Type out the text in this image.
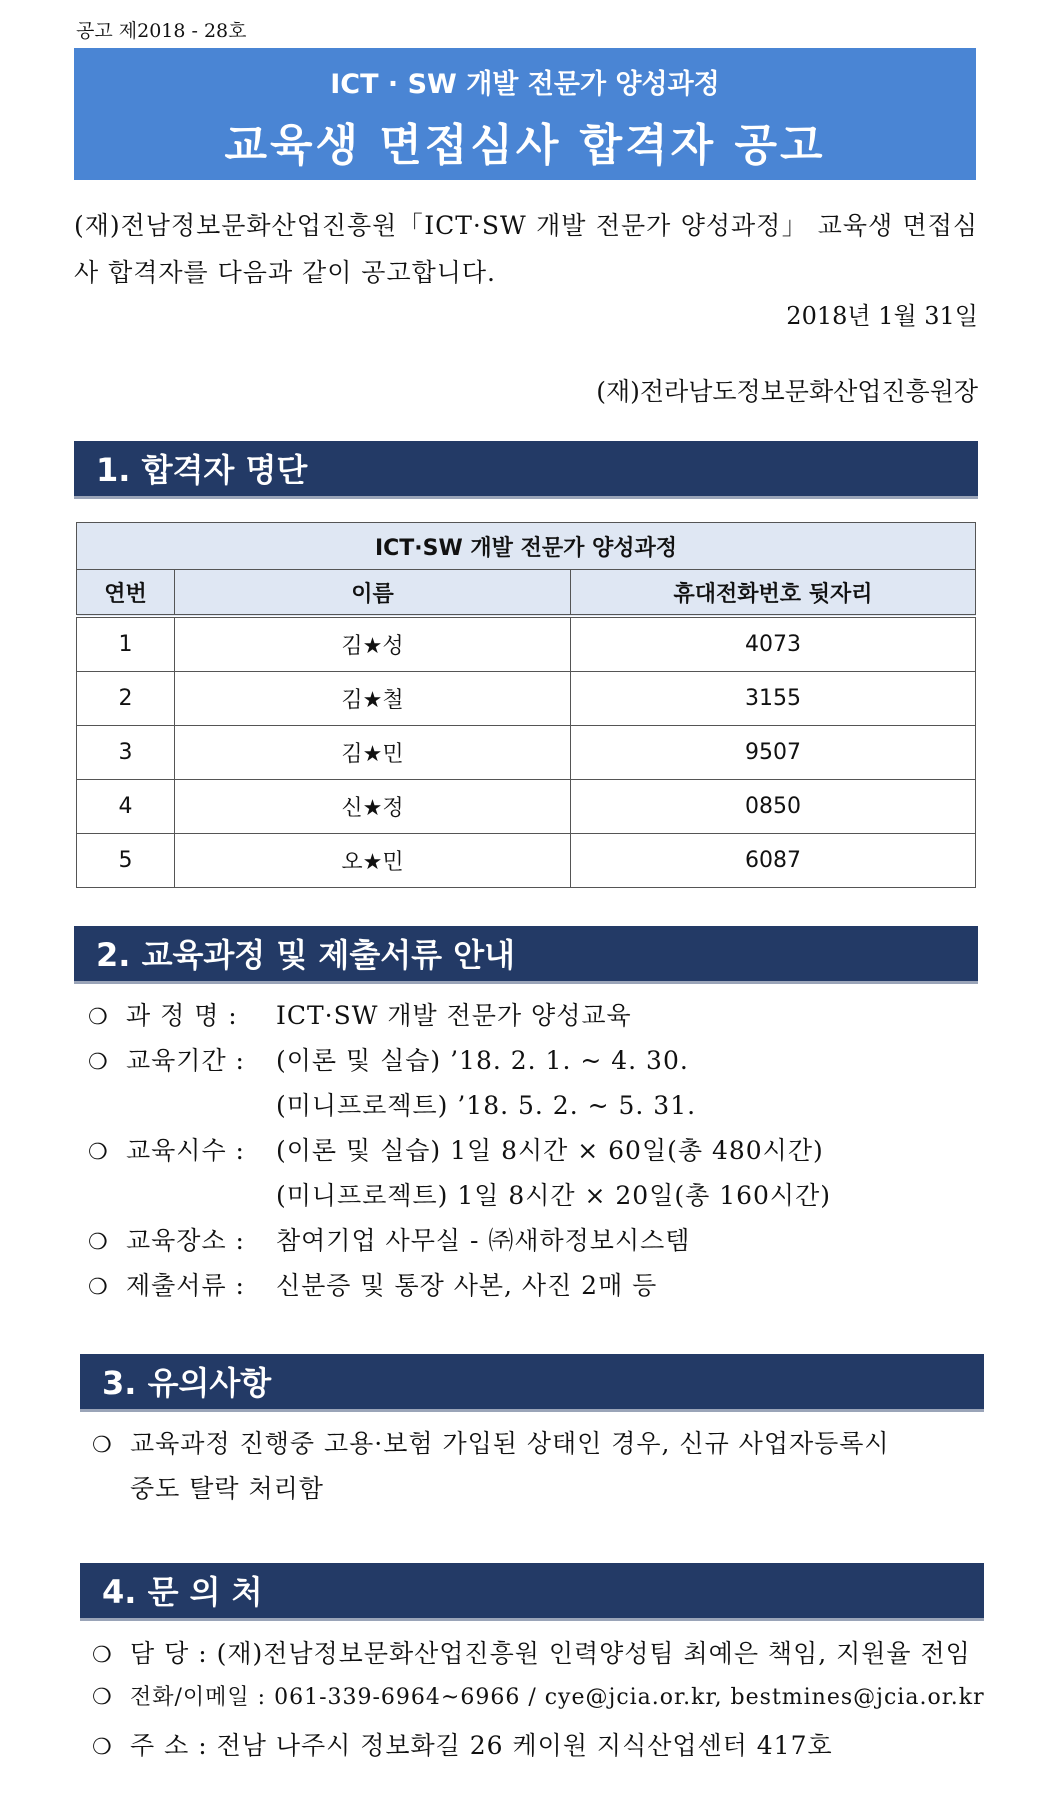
공고 제2018 - 28호
ICT · SW 개발 전문가 양성과정
교육생 면접심사 합격자 공고
(재)전남정보문화산업진흥원「ICT·SW 개발 전문가 양성과정」 교육생 면접심사 합격자를 다음과 같이 공고합니다.
2018년 1월 31일
(재)전라남도정보문화산업진흥원장
1. 합격자 명단
ICT·SW 개발 전문가 양성과정		
연번	이름	휴대전화번호 뒷자리
1	김★성	4073
2	김★철	3155
3	김★민	9507
4	신★정	0850
5	오★민	6087
2. 교육과정 및 제출서류 안내
❍ 과 정 명 : ICT·SW 개발 전문가 양성교육
❍ 교육기간 : (이론 및 실습) ’18. 2. 1. ~ 4. 30.
(미니프로젝트) ’18. 5. 2. ~ 5. 31.
❍ 교육시수 : (이론 및 실습) 1일 8시간 × 60일(총 480시간)
(미니프로젝트) 1일 8시간 × 20일(총 160시간)
❍ 교육장소 : 참여기업 사무실 - ㈜새하정보시스템
❍ 제출서류 : 신분증 및 통장 사본, 사진 2매 등
3. 유의사항
❍ 교육과정 진행중 고용·보험 가입된 상태인 경우, 신규 사업자등록시
중도 탈락 처리함
4. 문 의 처
❍ 담 당 : (재)전남정보문화산업진흥원 인력양성팀 최예은 책임, 지원율 전임
❍ 전화/이메일 : 061-339-6964~6966 / cye@jcia.or.kr, bestmines@jcia.or.kr
❍ 주 소 : 전남 나주시 정보화길 26 케이원 지식산업센터 417호
